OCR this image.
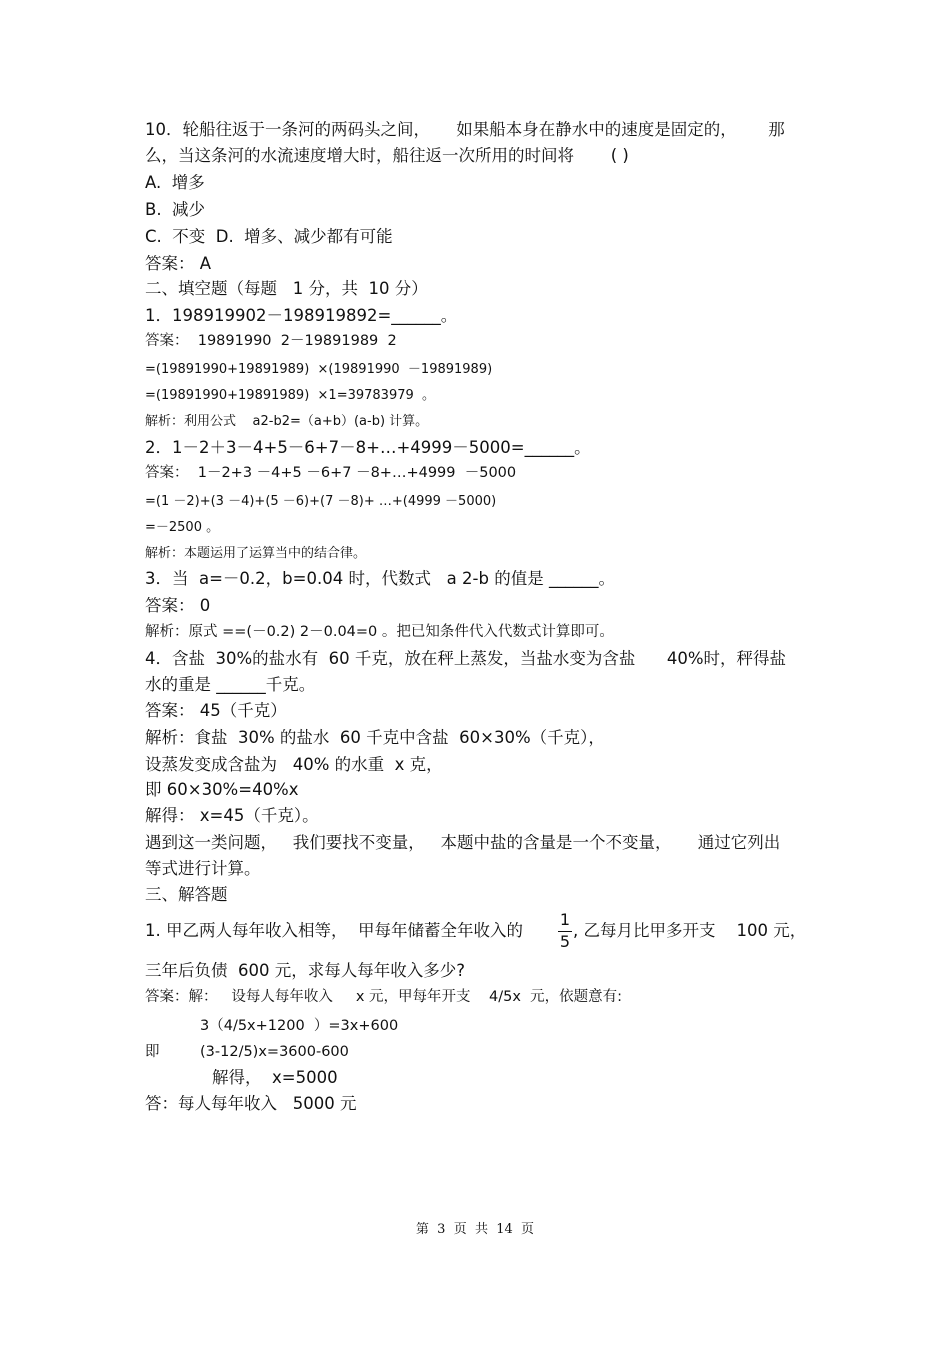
10．轮船往返于一条河的两码头之间，     如果船本身在静水中的速度是固定的，      那
么，当这条河的水流速度增大时，船往返一次所用的时间将       ( )
A.  增多
B.  减少
C.  不变  D.  增多、减少都有可能
答案： A
二、填空题（每题   1 分，共  10 分）
1．198919902－198919892=______。
答案：  19891990  2－19891989  2
=(19891990+19891989)  ×(19891990  －19891989)
=(19891990+19891989)  ×1=39783979  。
解析：利用公式    a2-b2=（a+b）(a-b) 计算。
2．1－2＋3－4+5－6+7－8+…+4999－5000=______。
答案：  1－2+3 －4+5 －6+7 －8+…+4999  －5000
=(1 －2)+(3 －4)+(5 －6)+(7 －8)+ …+(4999 －5000)
=－2500 。
解析：本题运用了运算当中的结合律。
3．当  a=－0.2，b=0.04 时，代数式   a 2-b 的值是 ______。
答案： 0
解析：原式 ==(－0.2) 2－0.04=0 。把已知条件代入代数式计算即可。
4．含盐  30%的盐水有  60 千克，放在秤上蒸发，当盐水变为含盐      40%时，秤得盐
水的重是 ______千克。
答案： 45（千克）
解析：食盐  30% 的盐水  60 千克中含盐  60×30%（千克），
设蒸发变成含盐为   40% 的水重  x 克，
即 60×30%=40%x
解得： x=45（千克）。
遇到这一类问题，   我们要找不变量，   本题中盐的含量是一个不变量，     通过它列出
等式进行计算。
三、解答题
1. 甲乙两人每年收入相等，  甲每年储蓄全年收入的
1
5
, 乙每月比甲多开支    100 元，
三年后负债  600 元，求每人每年收入多少?
答案：解：   设每人每年收入     x 元，甲每年开支    4/5x  元，依题意有:
3（4/5x+1200  ）=3x+600
即	(3-12/5)x=3600-600
解得，  x=5000
答：每人每年收入   5000 元
第  3  页  共  14  页
